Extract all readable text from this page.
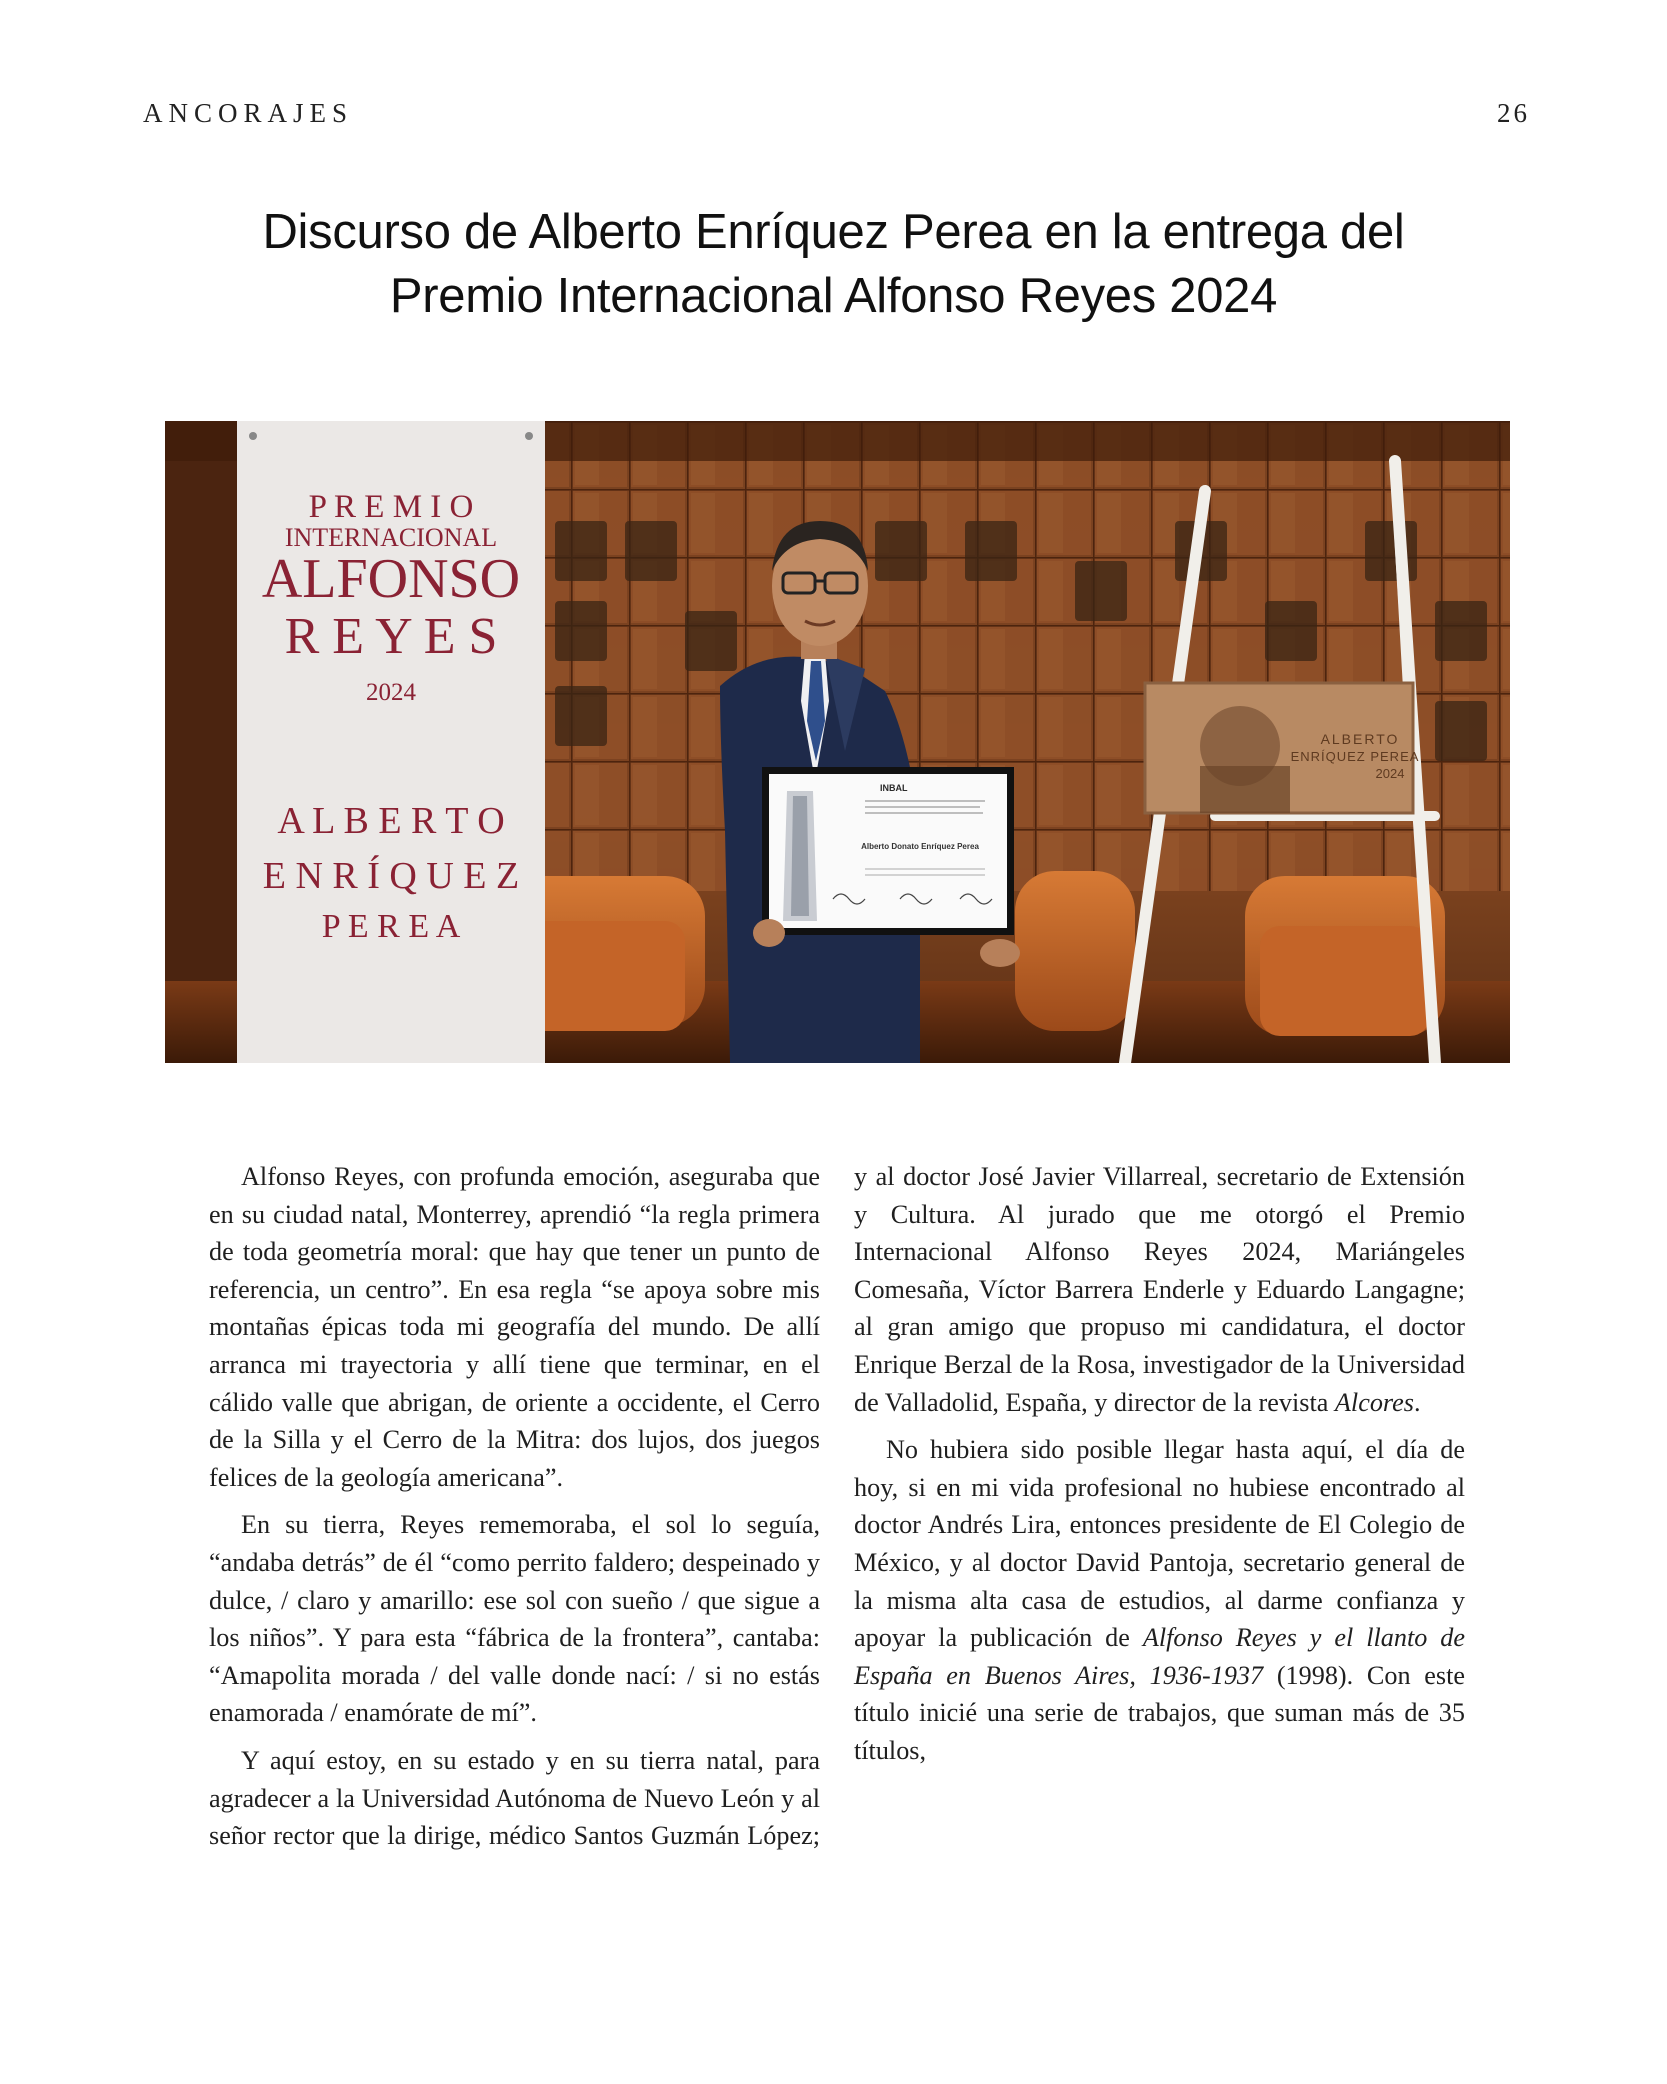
ANCORAJES	26
Discurso de Alberto Enríquez Perea en la entrega del
Premio Internacional Alfonso Reyes 2024
P R E M I O
INTERNACIONAL
ALFONSO
R E Y E S
2024
A L B E R T O
E N R Í Q U E Z
P E R E A
ALBERTO
ENRÍQUEZ PEREA
2024
INBAL
Alberto Donato Enríquez Perea

Alfonso Reyes, con profunda emoción, aseguraba que en su ciudad natal, Monterrey, aprendió “la regla primera de toda geometría moral: que hay que tener un punto de referencia, un centro”. En esa regla “se apoya sobre mis montañas épicas toda mi geografía del mundo. De allí arranca mi trayectoria y allí tiene que terminar, en el cálido valle que abrigan, de oriente a occidente, el Cerro de la Silla y el Cerro de la Mitra: dos lujos, dos juegos felices de la geología americana”.

En su tierra, Reyes rememoraba, el sol lo seguía, “andaba detrás” de él “como perrito faldero; despeinado y dulce, / claro y amarillo: ese sol con sueño / que sigue a los niños”. Y para esta “fábrica de la frontera”, cantaba: “Amapolita morada / del valle donde nací: / si no estás enamorada / enamórate de mí”.

Y aquí estoy, en su estado y en su tierra natal, para agradecer a la Universidad Autónoma de Nuevo León y al señor rector que la dirige, médico Santos Guzmán López; y al doctor José Javier Villarreal, secretario de Extensión y Cultura. Al jurado que me otorgó el Premio Internacional Alfonso Reyes 2024, Mariángeles Comesaña, Víctor Barrera Enderle y Eduardo Langagne; al gran amigo que propuso mi candidatura, el doctor Enrique Berzal de la Rosa, investigador de la Universidad de Valladolid, España, y director de la revista Alcores.

No hubiera sido posible llegar hasta aquí, el día de hoy, si en mi vida profesional no hubiese encontrado al doctor Andrés Lira, entonces presidente de El Colegio de México, y al doctor David Pantoja, secretario general de la misma alta casa de estudios, al darme confianza y apoyar la publicación de Alfonso Reyes y el llanto de España en Buenos Aires, 1936-1937 (1998). Con este título inicié una serie de trabajos, que suman más de 35 títulos,
